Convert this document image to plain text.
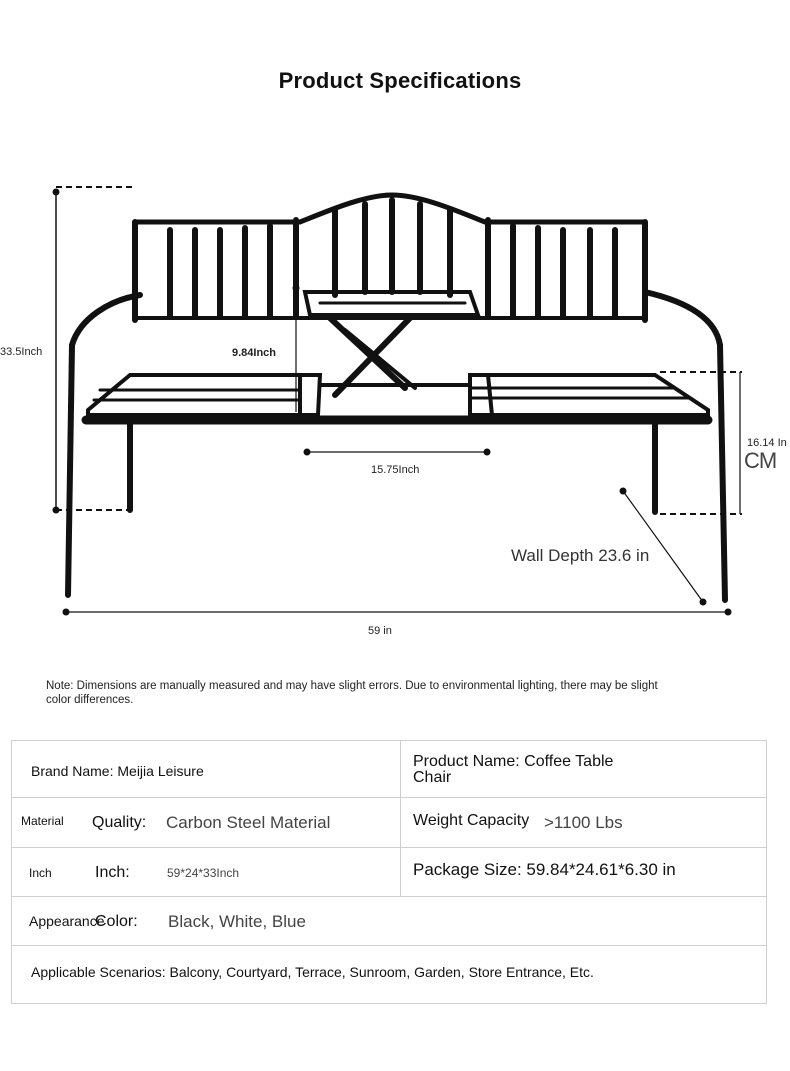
Product Specifications
33.5Inch	9.84Inch
15.75Inch
16.14 In
CM
Wall Depth 23.6 in
59 in
Note: Dimensions are manually measured and may have slight errors. Due to environmental lighting, there may be slight color differences.
Brand Name: Meijia Leisure	Product Name: Coffee Table Chair

Material Quality: Carbon Steel Material	Weight Capacity >1100 Lbs

Inch Inch: 59*24*33Inch	Package Size: 59.84*24.61*6.30 in

Appearance
Color: Black, White, Blue	

Applicable Scenarios: Balcony, Courtyard, Terrace, Sunroom, Garden, Store Entrance, Etc.	
